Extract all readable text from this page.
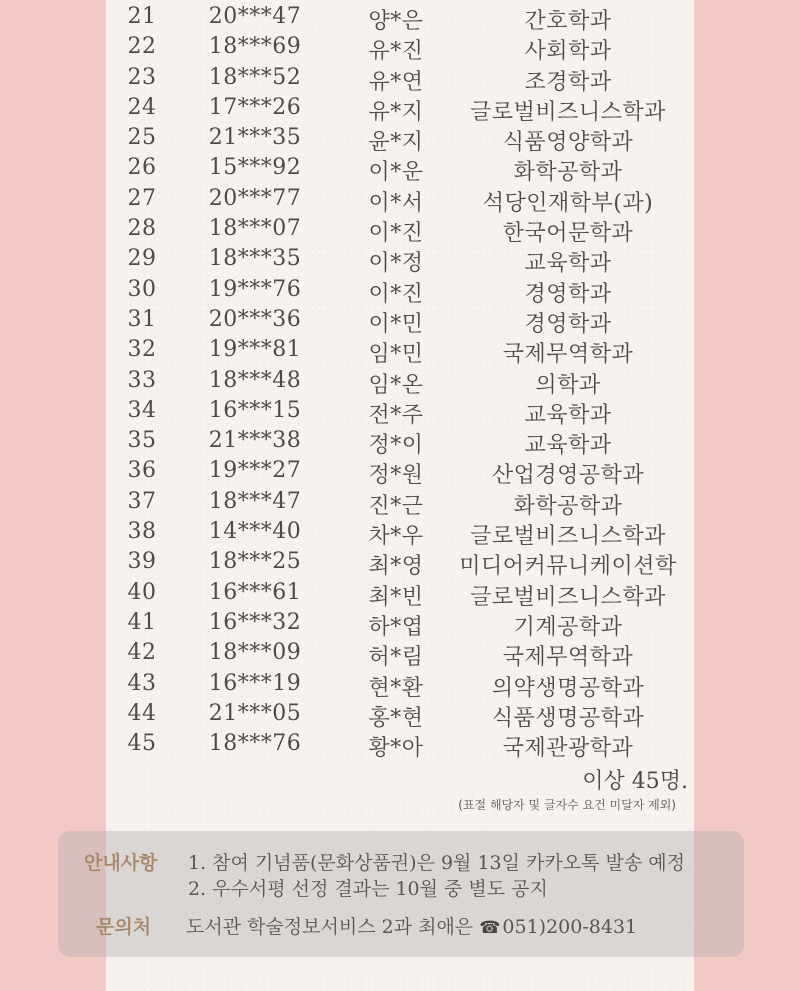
21	20***47	양*은	간호학과
22	18***69	유*진	사회학과
23	18***52	유*연	조경학과
24	17***26	유*지	글로벌비즈니스학과
25	21***35	윤*지	식품영양학과
26	15***92	이*운	화학공학과
27	20***77	이*서	석당인재학부(과)
28	18***07	이*진	한국어문학과
29	18***35	이*정	교육학과
30	19***76	이*진	경영학과
31	20***36	이*민	경영학과
32	19***81	임*민	국제무역학과
33	18***48	임*온	의학과
34	16***15	전*주	교육학과
35	21***38	정*이	교육학과
36	19***27	정*원	산업경영공학과
37	18***47	진*근	화학공학과
38	14***40	차*우	글로벌비즈니스학과
39	18***25	최*영	미디어커뮤니케이션학
40	16***61	최*빈	글로벌비즈니스학과
41	16***32	하*엽	기계공학과
42	18***09	허*림	국제무역학과
43	16***19	현*환	의약생명공학과
44	21***05	홍*현	식품생명공학과
45	18***76	황*아	국제관광학과
이상 45명.
(표절 해당자 및 글자수 요건 미달자 제외)
안내사항 1. 참여 기념품(문화상품권)은 9월 13일 카카오톡 발송 예정
2. 우수서평 선정 결과는 10월 중 별도 공지
문의처 도서관 학술정보서비스 2과 최애은 ☎ 051)200-8431
